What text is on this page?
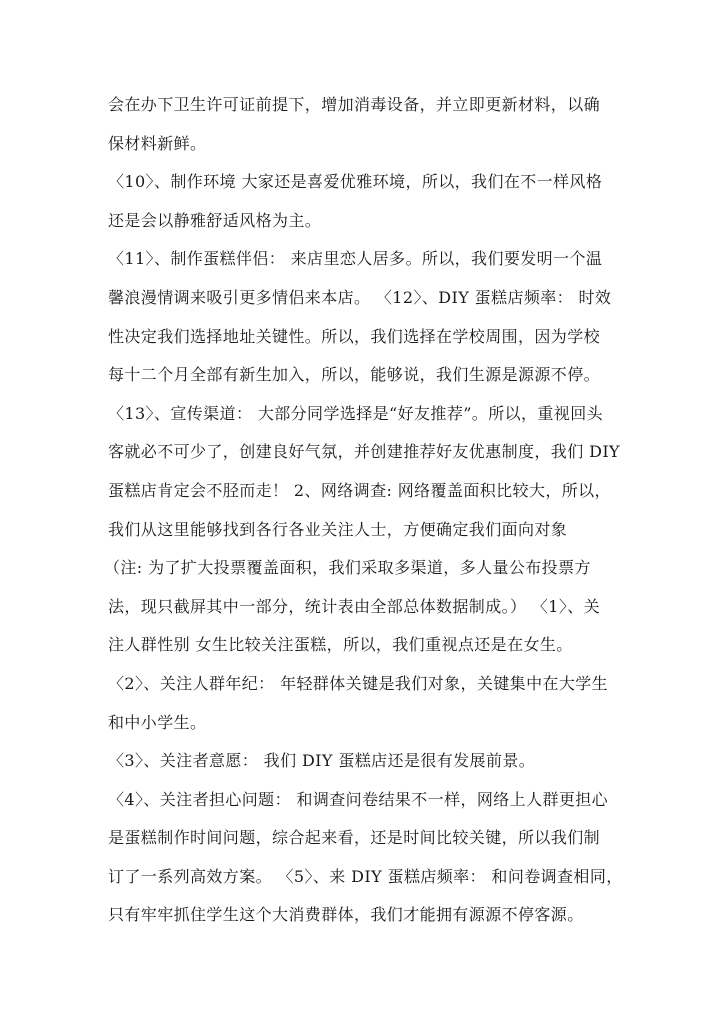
会在办下卫生许可证前提下，增加消毒设备，并立即更新材料，以确
保材料新鲜。
〈10〉、制作环境 大家还是喜爱优雅环境，所以，我们在不一样风格
还是会以静雅舒适风格为主。
〈11〉、制作蛋糕伴侣： 来店里恋人居多。所以，我们要发明一个温
馨浪漫情调来吸引更多情侣来本店。 〈12〉、DIY 蛋糕店频率： 时效
性决定我们选择地址关键性。所以，我们选择在学校周围，因为学校
每十二个月全部有新生加入，所以，能够说，我们生源是源源不停。
〈13〉、宣传渠道： 大部分同学选择是“好友推荐”。所以，重视回头
客就必不可少了，创建良好气氛，并创建推荐好友优惠制度，我们 DIY
蛋糕店肯定会不胫而走！ 2、网络调查: 网络覆盖面积比较大，所以，
我们从这里能够找到各行各业关注人士，方便确定我们面向对象
（注: 为了扩大投票覆盖面积，我们采取多渠道，多人量公布投票方
法，现只截屏其中一部分，统计表由全部总体数据制成。） 〈1〉、关
注人群性别 女生比较关注蛋糕，所以，我们重视点还是在女生。
〈2〉、关注人群年纪： 年轻群体关键是我们对象，关键集中在大学生
和中小学生。
〈3〉、关注者意愿： 我们 DIY 蛋糕店还是很有发展前景。
〈4〉、关注者担心问题： 和调查问卷结果不一样，网络上人群更担心
是蛋糕制作时间问题，综合起来看，还是时间比较关键，所以我们制
订了一系列高效方案。 〈5〉、来 DIY 蛋糕店频率： 和问卷调查相同，
只有牢牢抓住学生这个大消费群体，我们才能拥有源源不停客源。
